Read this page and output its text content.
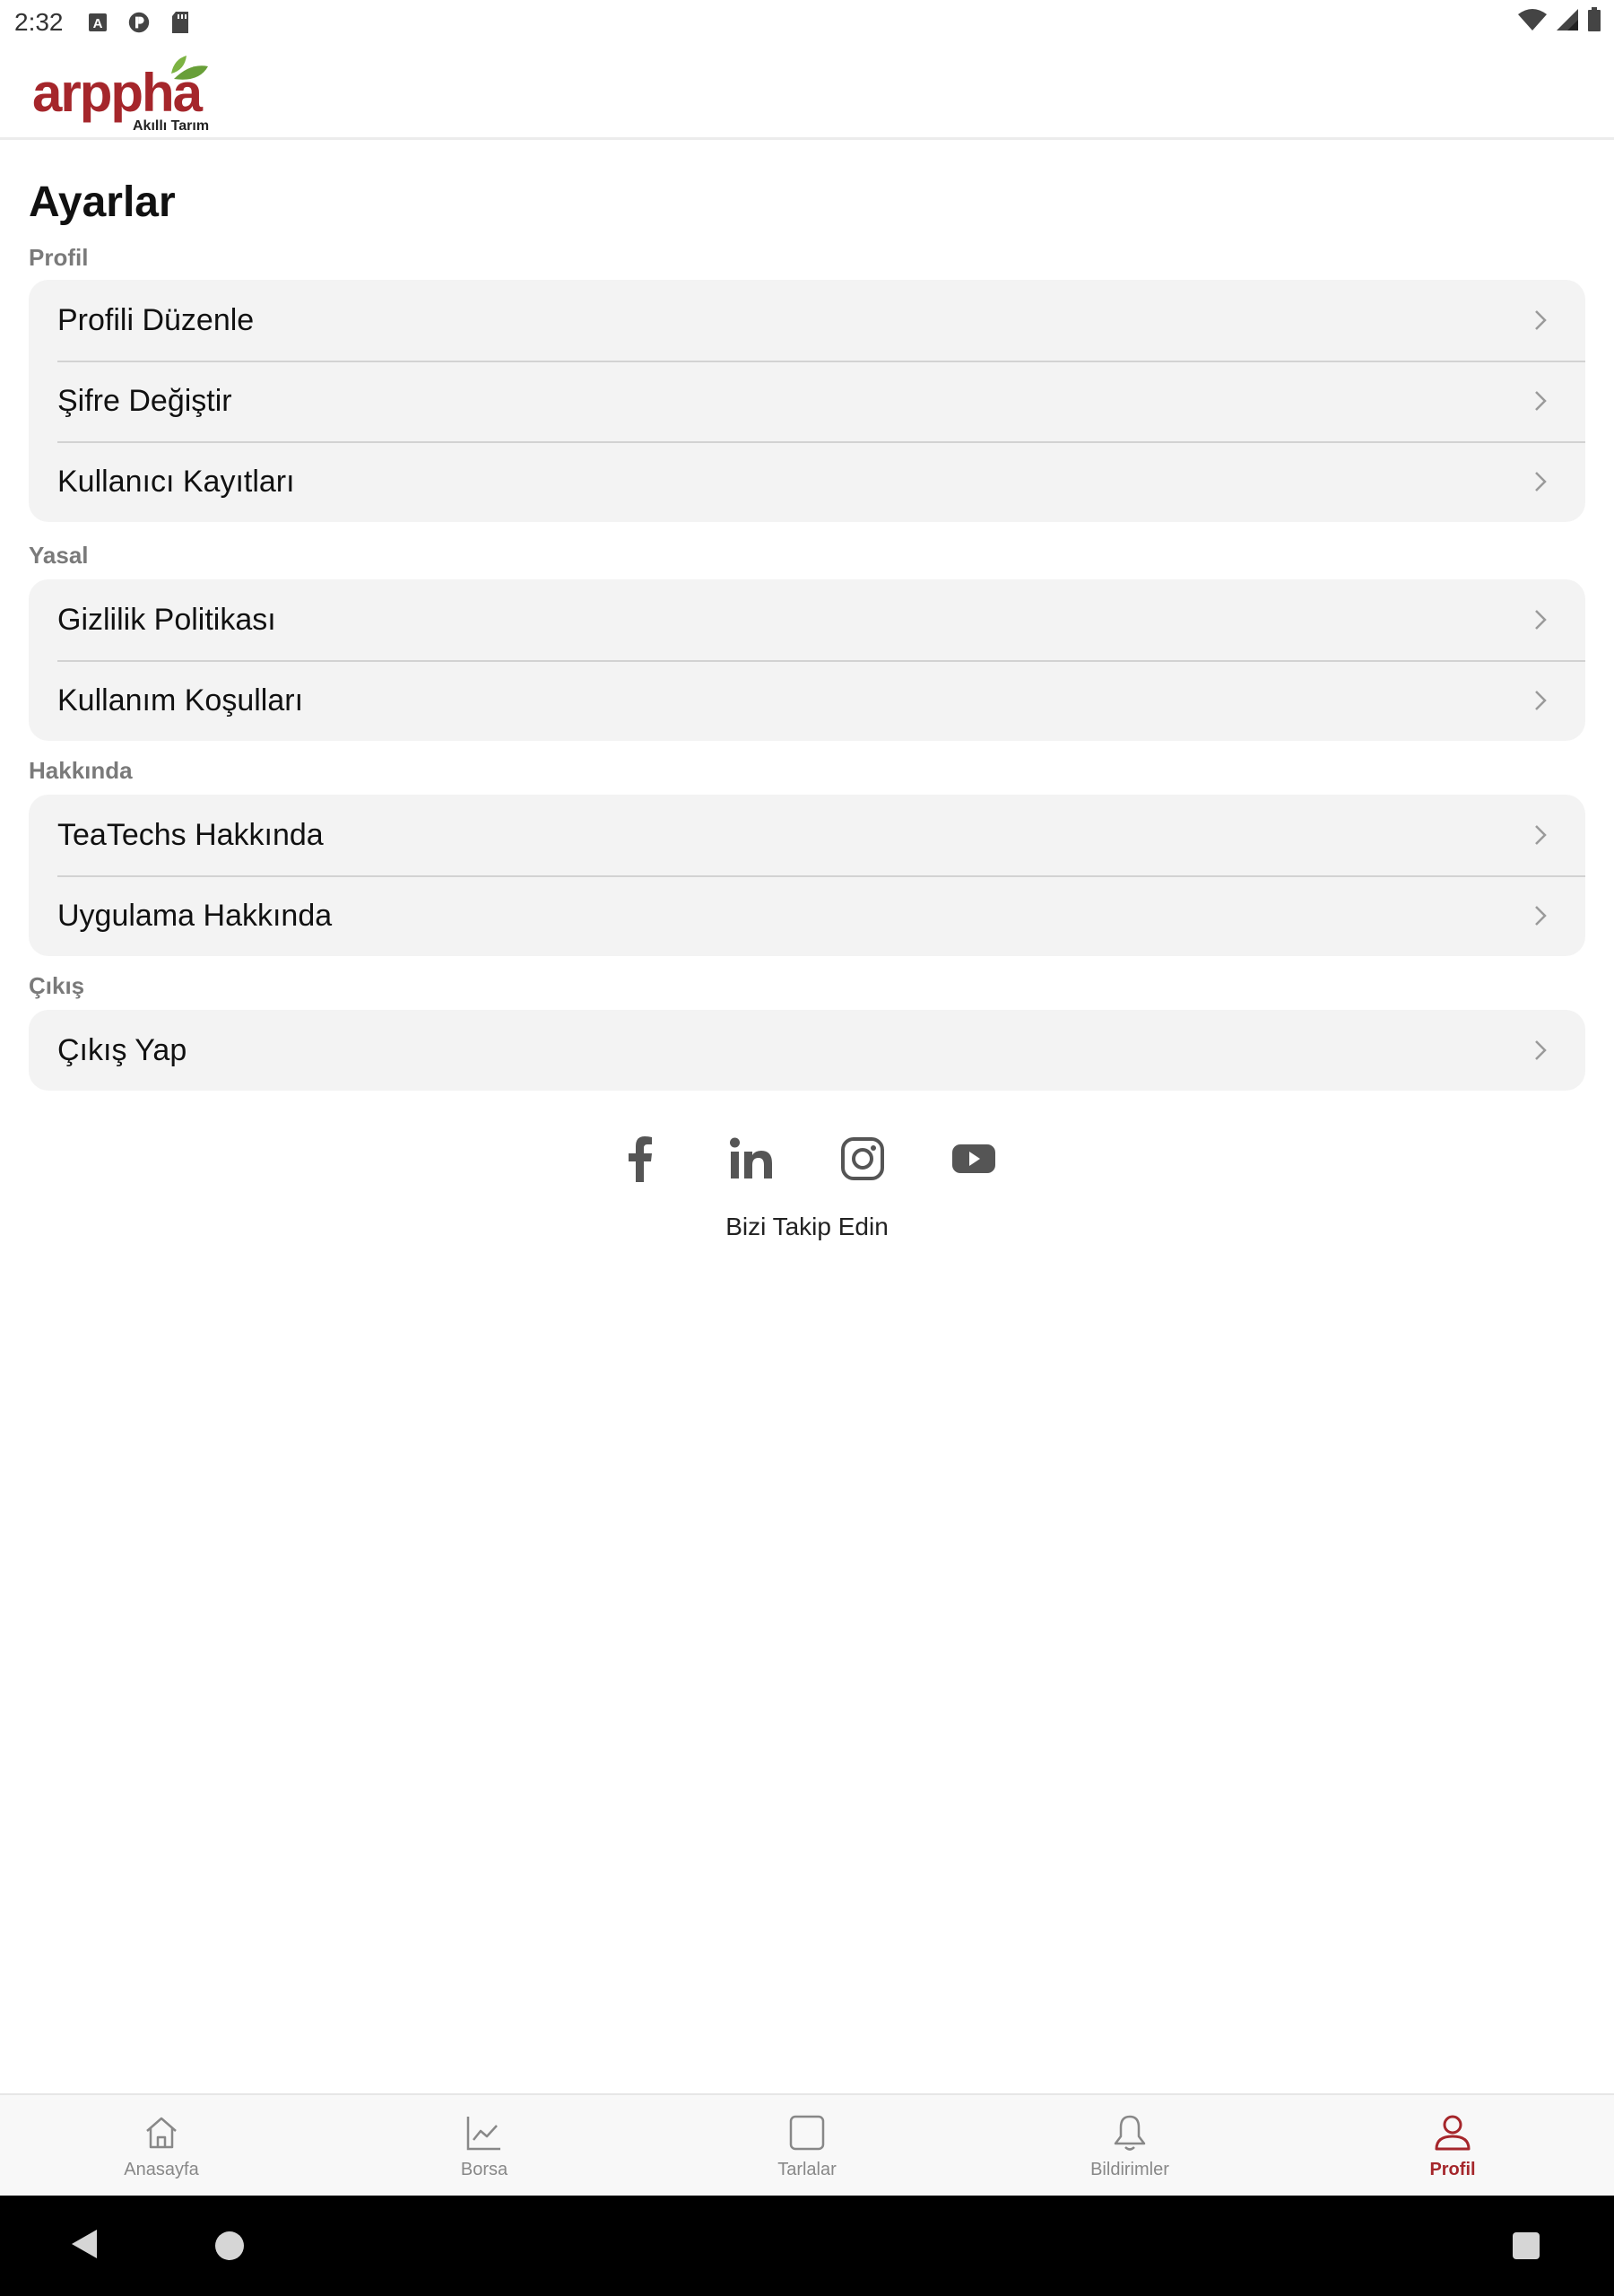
2:32 A
arppha
Akıllı Tarım
Ayarlar
Profil
Profili Düzenle
Şifre Değiştir
Kullanıcı Kayıtları
Yasal
Gizlilik Politikası
Kullanım Koşulları
Hakkında
TeaTechs Hakkında
Uygulama Hakkında
Çıkış
Çıkış Yap
Bizi Takip Edin
Anasayfa	Borsa	Tarlalar	Bildirimler	Profil
